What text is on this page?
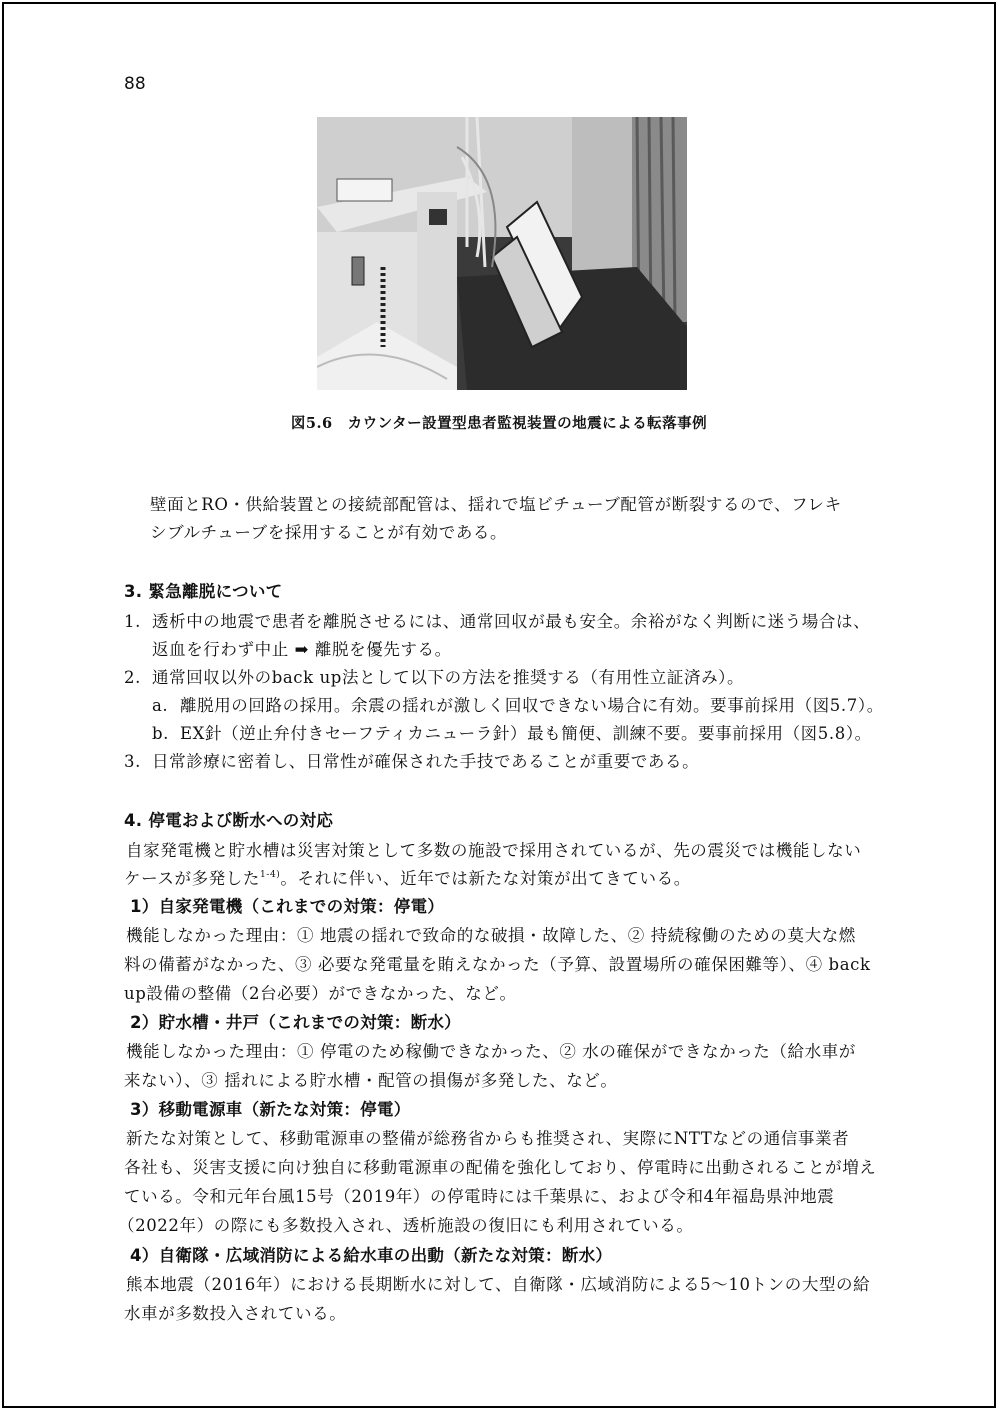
88
図5.6　カウンター設置型患者監視装置の地震による転落事例
壁面とRO・供給装置との接続部配管は、揺れで塩ビチューブ配管が断裂するので、フレキ
シブルチューブを採用することが有効である。
3. 緊急離脱について
1. 透析中の地震で患者を離脱させるには、通常回収が最も安全。余裕がなく判断に迷う場合は、
返血を行わず中止 ➡ 離脱を優先する。
2. 通常回収以外のback up法として以下の方法を推奨する（有用性立証済み）。
a. 離脱用の回路の採用。余震の揺れが激しく回収できない場合に有効。要事前採用（図5.7）。
b. EX針（逆止弁付きセーフティカニューラ針）最も簡便、訓練不要。要事前採用（図5.8）。
3. 日常診療に密着し、日常性が確保された手技であることが重要である。
4. 停電および断水への対応
自家発電機と貯水槽は災害対策として多数の施設で採用されているが、先の震災では機能しない
ケースが多発した$^{1-4)}$。それに伴い、近年では新たな対策が出てきている。
1）自家発電機（これまでの対策：停電）
機能しなかった理由：① 地震の揺れで致命的な破損・故障した、② 持続稼働のための莫大な燃
料の備蓄がなかった、③ 必要な発電量を賄えなかった（予算、設置場所の確保困難等）、④ back
up設備の整備（2台必要）ができなかった、など。
2）貯水槽・井戸（これまでの対策：断水）
機能しなかった理由：① 停電のため稼働できなかった、② 水の確保ができなかった（給水車が
来ない）、③ 揺れによる貯水槽・配管の損傷が多発した、など。
3）移動電源車（新たな対策：停電）
新たな対策として、移動電源車の整備が総務省からも推奨され、実際にNTTなどの通信事業者
各社も、災害支援に向け独自に移動電源車の配備を強化しており、停電時に出動されることが増え
ている。令和元年台風15号（2019年）の停電時には千葉県に、および令和4年福島県沖地震
（2022年）の際にも多数投入され、透析施設の復旧にも利用されている。
4）自衛隊・広域消防による給水車の出動（新たな対策：断水）
熊本地震（2016年）における長期断水に対して、自衛隊・広域消防による5～10トンの大型の給
水車が多数投入されている。
